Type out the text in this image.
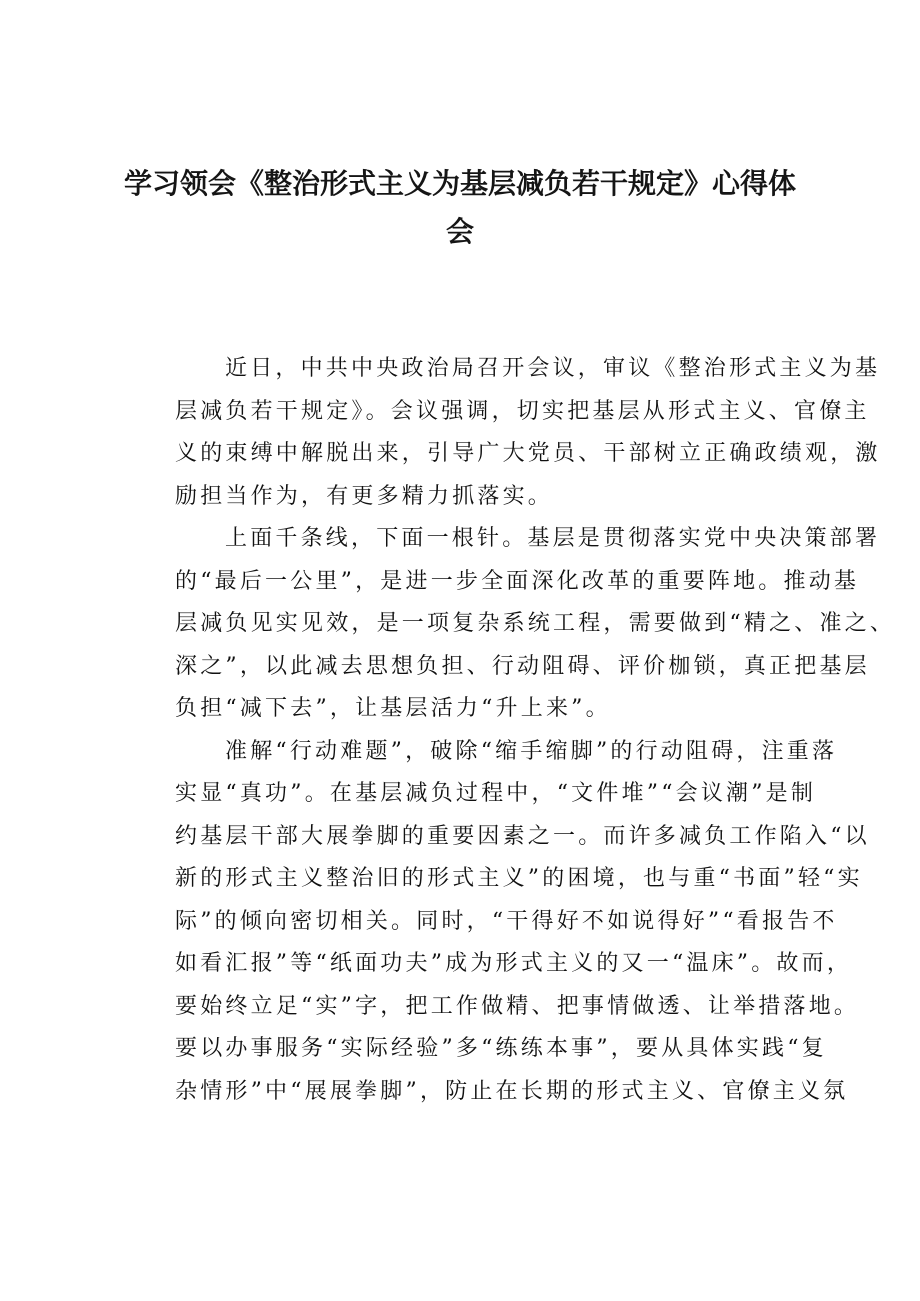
学习领会《整治形式主义为基层减负若干规定》心得体
会
近日，中共中央政治局召开会议，审议《整治形式主义为基
层减负若干规定》。会议强调，切实把基层从形式主义、官僚主
义的束缚中解脱出来，引导广大党员、干部树立正确政绩观，激
励担当作为，有更多精力抓落实。
上面千条线，下面一根针。基层是贯彻落实党中央决策部署
的“最后一公里”，是进一步全面深化改革的重要阵地。推动基
层减负见实见效，是一项复杂系统工程，需要做到“精之、准之、
深之”，以此减去思想负担、行动阻碍、评价枷锁，真正把基层
负担“减下去”，让基层活力“升上来”。
准解“行动难题”，破除“缩手缩脚”的行动阻碍，注重落
实显“真功”。在基层减负过程中，“文件堆”“会议潮”是制
约基层干部大展拳脚的重要因素之一。而许多减负工作陷入“以
新的形式主义整治旧的形式主义”的困境，也与重“书面”轻“实
际”的倾向密切相关。同时，“干得好不如说得好”“看报告不
如看汇报”等“纸面功夫”成为形式主义的又一“温床”。故而，
要始终立足“实”字，把工作做精、把事情做透、让举措落地。
要以办事服务“实际经验”多“练练本事”，要从具体实践“复
杂情形”中“展展拳脚”，防止在长期的形式主义、官僚主义氛
